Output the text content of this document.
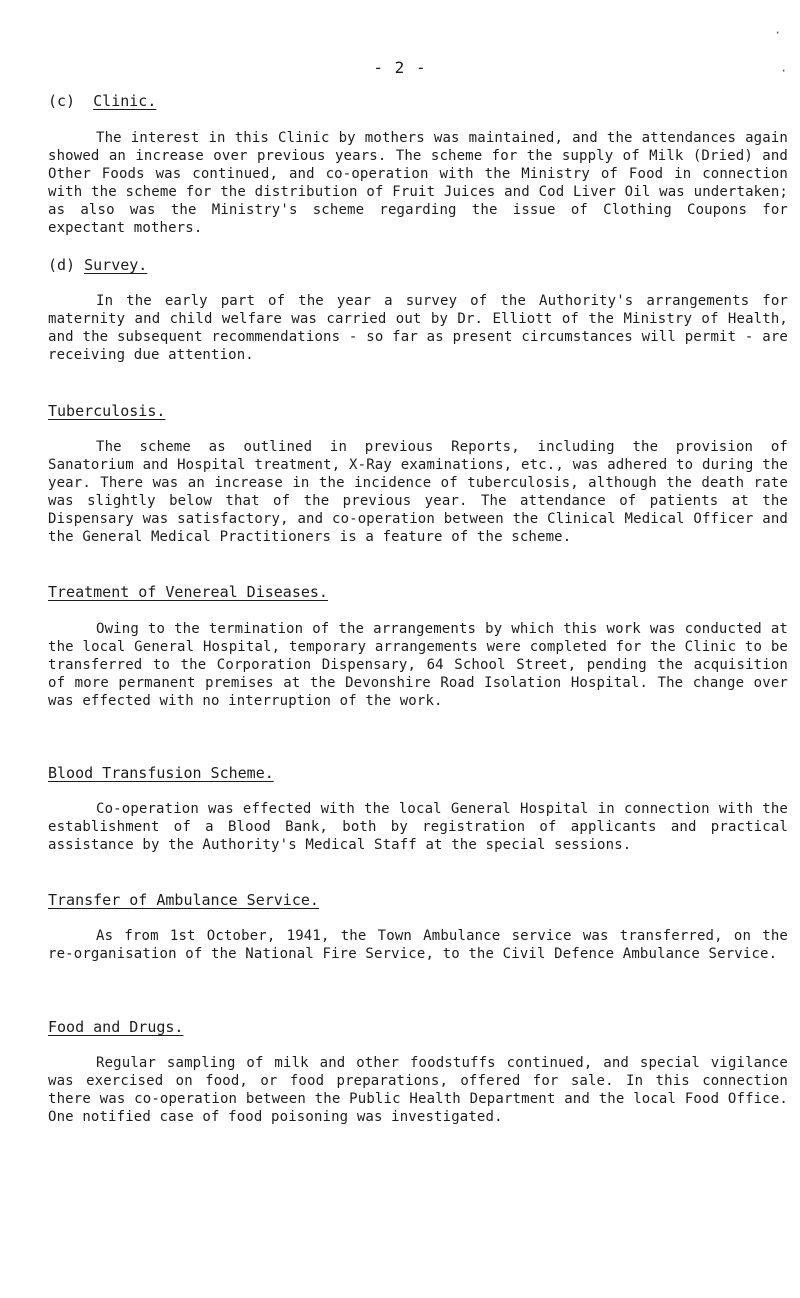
- 2 -
·
·
(c) Clinic.

The interest in this Clinic by mothers was maintained, and the attendances again showed an increase over previous years. The scheme for the supply of Milk (Dried) and Other Foods was continued, and co-operation with the Ministry of Food in connection with the scheme for the distribution of Fruit Juices and Cod Liver Oil was undertaken; as also was the Ministry's scheme regarding the issue of Clothing Coupons for expectant mothers.

(d) Survey.

In the early part of the year a survey of the Authority's arrangements for maternity and child welfare was carried out by Dr. Elliott of the Ministry of Health, and the subsequent recommendations - so far as present circumstances will permit - are receiving due attention.

Tuberculosis.

The scheme as outlined in previous Reports, including the provision of Sanatorium and Hospital treatment, X-Ray examinations, etc., was adhered to during the year. There was an increase in the incidence of tuberculosis, although the death rate was slightly below that of the previous year. The attendance of patients at the Dispensary was satisfactory, and co-operation between the Clinical Medical Officer and the General Medical Practitioners is a feature of the scheme.

Treatment of Venereal Diseases.

Owing to the termination of the arrangements by which this work was conducted at the local General Hospital, temporary arrangements were completed for the Clinic to be transferred to the Corporation Dispensary, 64 School Street, pending the acquisition of more permanent premises at the Devonshire Road Isolation Hospital. The change over was effected with no interruption of the work.

Blood Transfusion Scheme.

Co-operation was effected with the local General Hospital in connection with the establishment of a Blood Bank, both by registration of applicants and practical assistance by the Authority's Medical Staff at the special sessions.

Transfer of Ambulance Service.

As from 1st October, 1941, the Town Ambulance service was transferred, on the re-organisation of the National Fire Service, to the Civil Defence Ambulance Service.

Food and Drugs.

Regular sampling of milk and other foodstuffs continued, and special vigilance was exercised on food, or food preparations, offered for sale. In this connection there was co-operation between the Public Health Department and the local Food Office. One notified case of food poisoning was investigated.
